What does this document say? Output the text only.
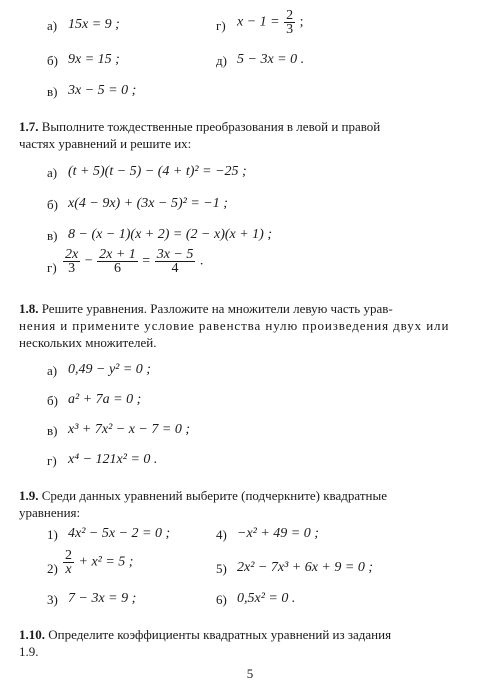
а) 15x = 9 ;	г) $x - 1 = \frac{2}{3}$ ;
б) 9x = 15 ;	д) 5 − 3x = 0 .
в) 3x − 5 = 0 ;
1.7. Выполните тождественные преобразования в левой и правой
частях уравнений и решите их:
а) (t + 5)(t − 5) − (4 + t)² = −25 ;
б) x(4 − 9x) + (3x − 5)² = −1 ;
в) 8 − (x − 1)(x + 2) = (2 − x)(x + 1) ;
$г) \frac{2x}{3} - \frac{2x + 1}{6} = \frac{3x - 5}{4}$ .
1.8. Решите уравнения. Разложите на множители левую часть урав-
нения и примените условие равенства нулю произведения двух или
нескольких множителей.
а) 0,49 − y² = 0 ;
б) a² + 7a = 0 ;
в) x³ + 7x² − x − 7 = 0 ;
г) x⁴ − 121x² = 0 .
1.9. Среди данных уравнений выберите (подчеркните) квадратные
уравнения:
1) 4x² − 5x − 2 = 0 ;	4) −x² + 49 = 0 ;
$2) \frac{2}{x} + x^2 = 5$ ;	5) 2x² − 7x³ + 6x + 9 = 0 ;
3) 7 − 3x = 9 ;	6) 0,5x² = 0 .
1.10. Определите коэффициенты квадратных уравнений из задания
1.9.
5
